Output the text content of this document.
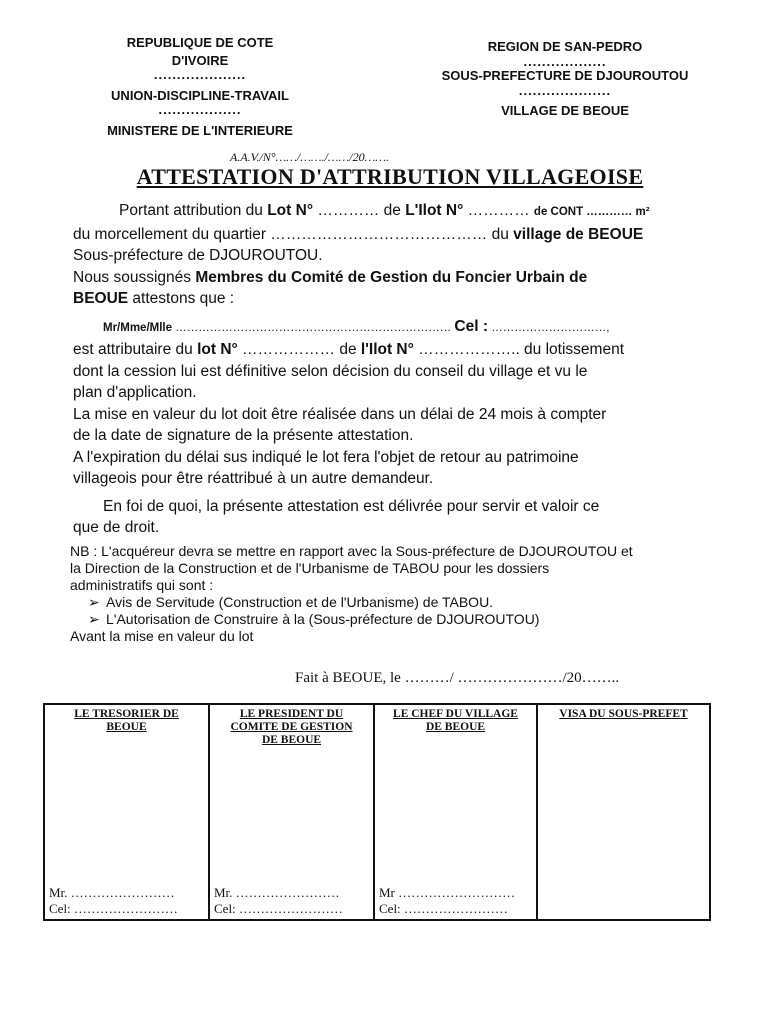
REPUBLIQUE DE COTE D'IVOIRE
....................
UNION-DISCIPLINE-TRAVAIL
..................
MINISTERE DE L'INTERIEURE
REGION DE SAN-PEDRO
..................
SOUS-PREFECTURE DE DJOUROUTOU
....................
VILLAGE DE BEOUE
A.A.V./N°……/……./……/20…….
ATTESTATION D'ATTRIBUTION VILLAGEOISE

Portant attribution du Lot N° ………… de L'Ilot N° ………… de CONT ………… m²

du morcellement du quartier …………………………………… du village de BEOUE

Sous-préfecture de DJOUROUTOU.

Nous soussignés Membres du Comité de Gestion du Foncier Urbain de

BEOUE attestons que :

Mr/Mme/Mlle ……………………………………………………………… Cel : …………………………,

est attributaire du lot N° ……………… de l'Ilot N° ……………….. du lotissement

dont la cession lui est définitive selon décision du conseil du village et vu le

plan d'application.

La mise en valeur du lot doit être réalisée dans un délai de 24 mois à compter

de la date de signature de la présente attestation.

A l'expiration du délai sus indiqué le lot fera l'objet de retour au patrimoine

villageois pour être réattribué à un autre demandeur.

En foi de quoi, la présente attestation est délivrée pour servir et valoir ce

que de droit.

NB : L'acquéreur devra se mettre en rapport avec la Sous-préfecture de DJOUROUTOU et

la Direction de la Construction et de l'Urbanisme de TABOU pour les dossiers

administratifs qui sont :

➢ Avis de Servitude (Construction et de l'Urbanisme) de TABOU.
➢ L'Autorisation de Construire à la (Sous-préfecture de DJOUROUTOU)

Avant la mise en valeur du lot

Fait à BEOUE, le ………/ …………………/20……..
LE TRESORIER DE
BEOUE
Mr. ……………………
Cel: ……………………

LE PRESIDENT DU
COMITE DE GESTION
DE BEOUE
Mr. ……………………
Cel: ……………………

LE CHEF DU VILLAGE
DE BEOUE
Mr ………………………
Cel: ……………………

VISA DU SOUS-PREFET
